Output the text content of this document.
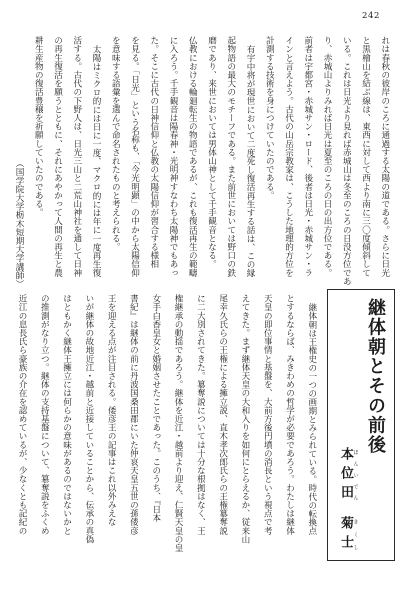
242
れは春秋の彼岸のころに通過する太陽の道である。さらに日光
と黒檜山を結ぶ線は、東西に対して西より南に三〇度傾斜して
いる。これは日光より見れば赤城山は冬至のころの日没方位であ
り、赤城山よりみれば日光は夏至のころの日の出方位である。
前者は宇都宮・赤城サン・ロード、後者は日光・赤城サン・ラ
インと言えよう。古代の山岳宗教家は、こうした地理的方位を
計測する技術を身につけていたのである。
有宇中将が現世において二度死し復活再生する話は、この縁
起物語の最大のモチーフである。また前世においては野口の鉄
磨であり、来世においては男体山神として千手観音となる。
仏教における輪廻転生の物語であるが、これも復活再生の範疇
に入ろう。千手観音は陽春神・光明神すなわち太陽神でもあっ
た。そこに古代の日神信仰と仏教の太陽信仰が習合する様相
を見る。「日光」という名称も、「今光明顕」の中から太陽信仰
を意味する語彙を選んで命名されたものと考えられる。
太陽はミクロ的には日に一度、マクロ的には年に一度再生復
活する。古代の下野人は、日光三山と二荒山神社を通して日神
の再生復活を願うとともに、それにあやかって人間の再生と農
耕生産物の復活豊穣を祈願していたのである。
（国学院大学栃木短期大学講師）
継体朝とその前後
本位田 ほんいでん菊士 きくし
継体朝は王権史の一つの画期とみられている。時代の転換点
とするならば、みきわめの哲学が必要であろう。わたしは継体
天皇の即位事情と基盤を、大前方後円墳の消長という視点で考
えてきた。まず継体天皇の大和入りを如何にとらえるか、従来山
尾幸久氏らの王権による擁立説、直木孝次郎氏らの王権簒奪説
に二大別されてきた。簒奪説については十分な根拠はなく、王
権継承の動揺であろう。継体を近江・越前より迎え、仁賢天皇の皇
女手白香皇女と婚姻させたことであった。このうち、『日本
書紀』は継体の前に丹波国桑田郡にいた仲哀天皇五世の孫倭彦
王を迎える点が注目される。倭彦王の記事はこれ以外みえな
いが継体の故地近江・越前と近接していることから、伝承の真偽
はともかく継体王擁立には何らかの意味があるのではないかと
の推測がなり立つ。継体の支持基盤について、簒奪説をふくめ
近江の息長氏ら豪族の介在を認めているが、少なくとも記紀の
